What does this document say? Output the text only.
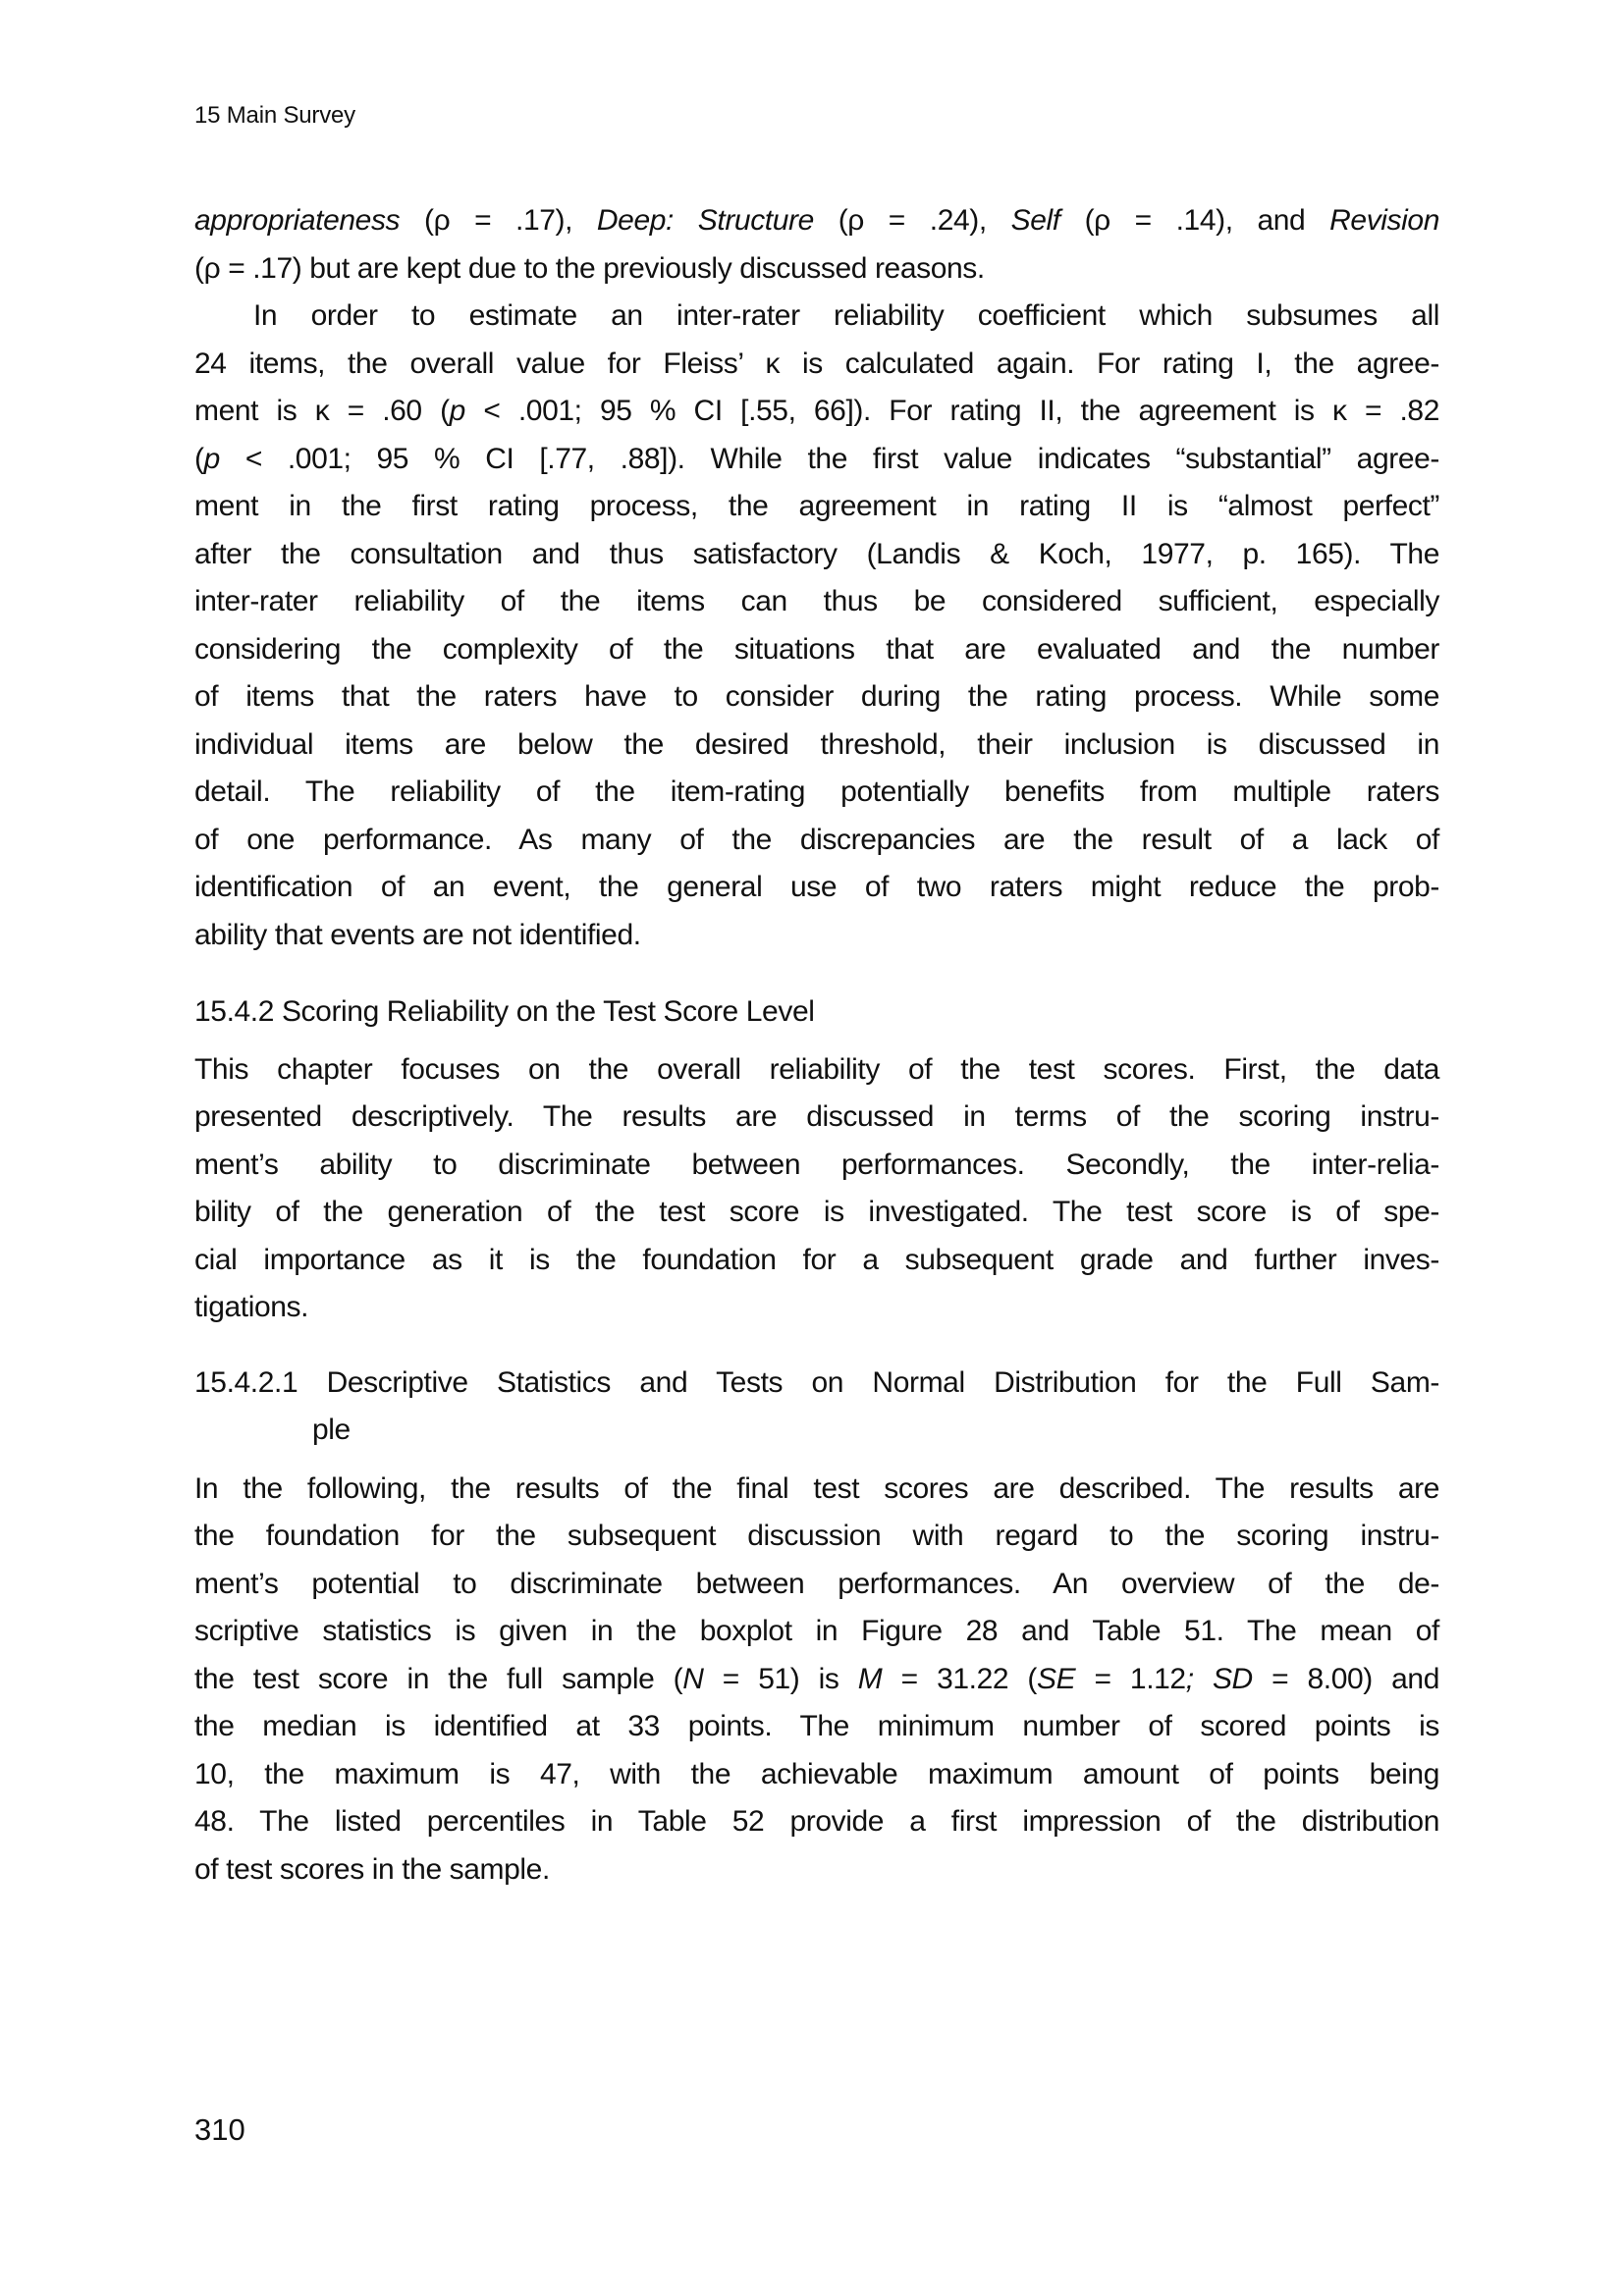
15 Main Survey
appropriateness (ρ = .17), Deep: Structure (ρ = .24), Self (ρ = .14), and Revision
(ρ = .17) but are kept due to the previously discussed reasons.
In order to estimate an inter-rater reliability coefficient which subsumes all
24 items, the overall value for Fleiss’ κ is calculated again. For rating I, the agree-
ment is κ = .60 (p < .001; 95 % CI [.55, 66]). For rating II, the agreement is κ = .82
(p < .001; 95 % CI [.77, .88]). While the first value indicates “substantial” agree-
ment in the first rating process, the agreement in rating II is “almost perfect”
after the consultation and thus satisfactory (Landis & Koch, 1977, p. 165). The
inter-rater reliability of the items can thus be considered sufficient, especially
considering the complexity of the situations that are evaluated and the number
of items that the raters have to consider during the rating process. While some
individual items are below the desired threshold, their inclusion is discussed in
detail. The reliability of the item-rating potentially benefits from multiple raters
of one performance. As many of the discrepancies are the result of a lack of
identification of an event, the general use of two raters might reduce the prob-
ability that events are not identified.
15.4.2 Scoring Reliability on the Test Score Level
This chapter focuses on the overall reliability of the test scores. First, the data
presented descriptively. The results are discussed in terms of the scoring instru-
ment’s ability to discriminate between performances. Secondly, the inter-relia-
bility of the generation of the test score is investigated. The test score is of spe-
cial importance as it is the foundation for a subsequent grade and further inves-
tigations.
15.4.2.1 Descriptive Statistics and Tests on Normal Distribution for the Full Sam-
ple
In the following, the results of the final test scores are described. The results are
the foundation for the subsequent discussion with regard to the scoring instru-
ment’s potential to discriminate between performances. An overview of the de-
scriptive statistics is given in the boxplot in Figure 28 and Table 51. The mean of
the test score in the full sample (N = 51) is M = 31.22 (SE = 1.12; SD = 8.00) and
the median is identified at 33 points. The minimum number of scored points is
10, the maximum is 47, with the achievable maximum amount of points being
48. The listed percentiles in Table 52 provide a first impression of the distribution
of test scores in the sample.
310
